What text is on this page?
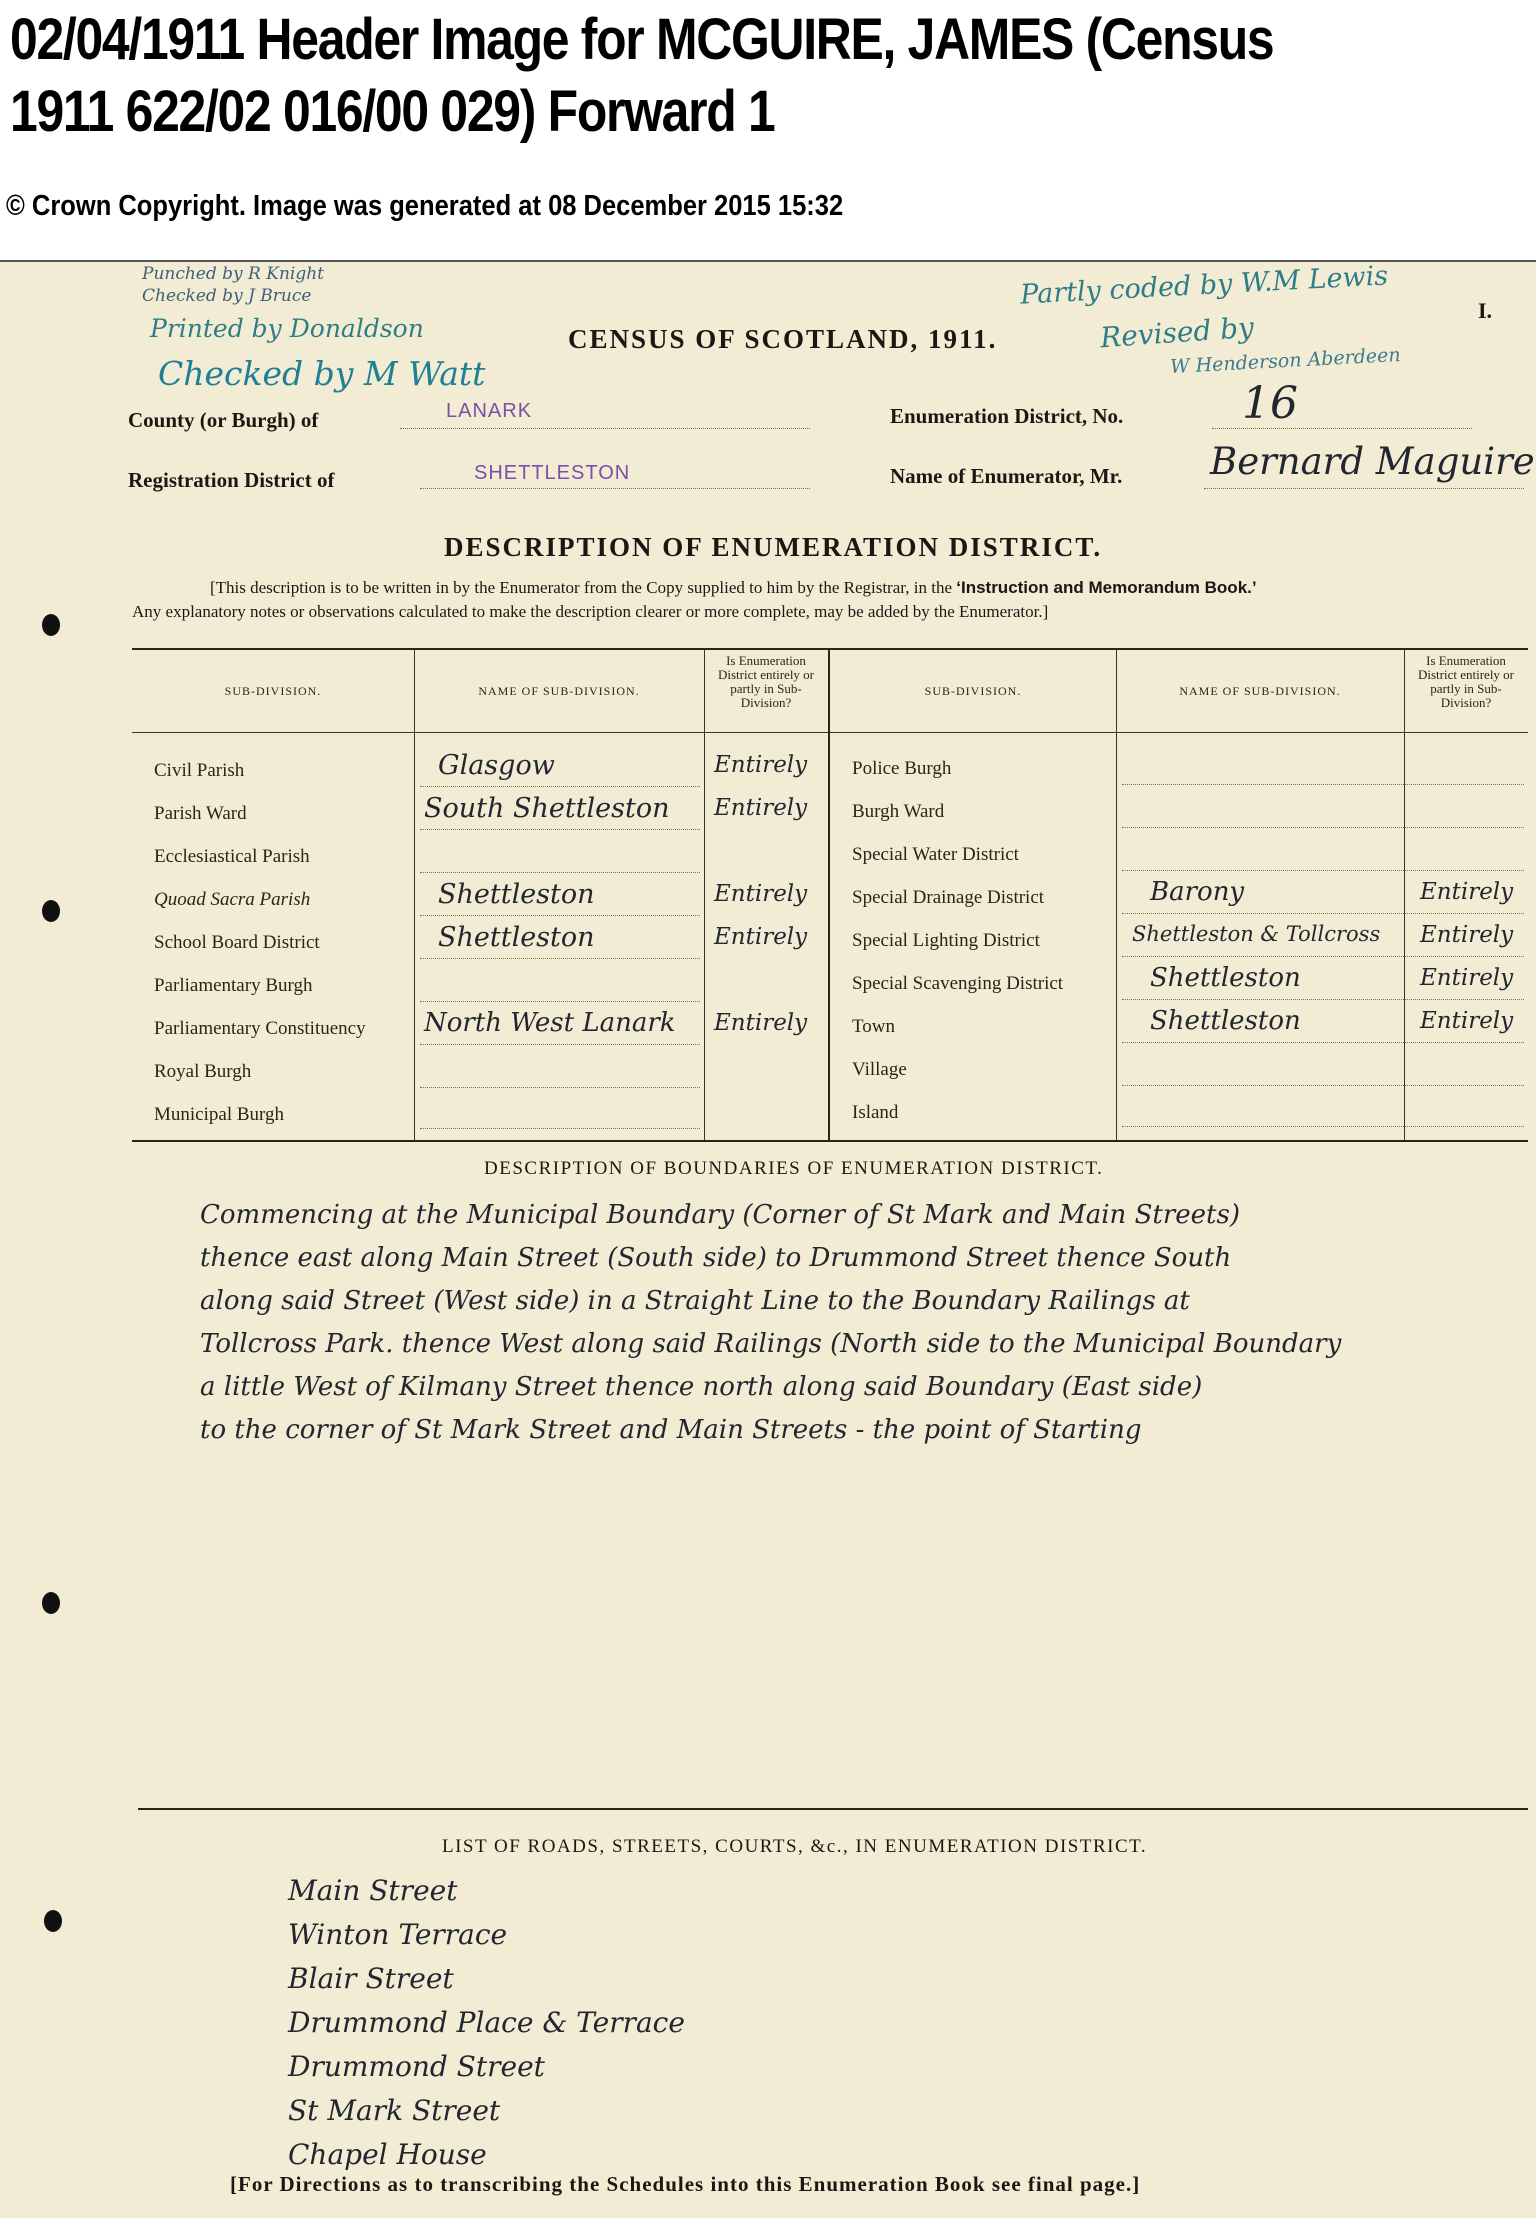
02/04/1911 Header Image for MCGUIRE, JAMES (Census 1911 622/02 016/00 029) Forward 1

© Crown Copyright. Image was generated at 08 December 2015 15:32

Punched by R Knight
Checked by J Bruce
Printed by Donaldson
Checked by M Watt
Partly coded by W.M Lewis
Revised by
W Henderson Aberdeen
CENSUS OF SCOTLAND, 1911.
I.
County (or Burgh) of	LANARK	Enumeration District, No.	16
Registration District of	SHETTLESTON	Name of Enumerator, Mr. Bernard Maguire
DESCRIPTION OF ENUMERATION DISTRICT.
[This description is to be written in by the Enumerator from the Copy supplied to him by the Registrar, in the ‘Instruction and Memorandum Book.’
Any explanatory notes or observations calculated to make the description clearer or more complete, may be added by the Enumerator.]
SUB-DIVISION.	NAME OF SUB-DIVISION.
Is Enumeration District entirely or partly in Sub-Division?
SUB-DIVISION.	NAME OF SUB-DIVISION.
Is Enumeration District entirely or partly in Sub-Division?
Civil Parish	Glasgow	Entirely
Parish Ward	South Shettleston Entirely
Ecclesiastical Parish
Quoad Sacra Parish	Shettleston	Entirely
School Board District	Shettleston	Entirely
Parliamentary Burgh
Parliamentary Constituency North West Lanark Entirely
Royal Burgh
Municipal Burgh
Police Burgh
Burgh Ward
Special Water District
Special Drainage District	Barony	Entirely
Special Lighting District	Shettleston & Tollcross Entirely
Special Scavenging District	Shettleston	Entirely
Town	Shettleston	Entirely
Village
Island
DESCRIPTION OF BOUNDARIES OF ENUMERATION DISTRICT.

Commencing at the Municipal Boundary (Corner of St Mark and Main Streets)

thence east along Main Street (South side) to Drummond Street thence South

along said Street (West side) in a Straight Line to the Boundary Railings at

Tollcross Park. thence West along said Railings (North side to the Municipal Boundary

a little West of Kilmany Street thence north along said Boundary (East side)

to the corner of St Mark Street and Main Streets - the point of Starting

LIST OF ROADS, STREETS, COURTS, &c., IN ENUMERATION DISTRICT.
Main Street
Winton Terrace
Blair Street
Drummond Place & Terrace
Drummond Street
St Mark Street
Chapel House
[For Directions as to transcribing the Schedules into this Enumeration Book see final page.]
